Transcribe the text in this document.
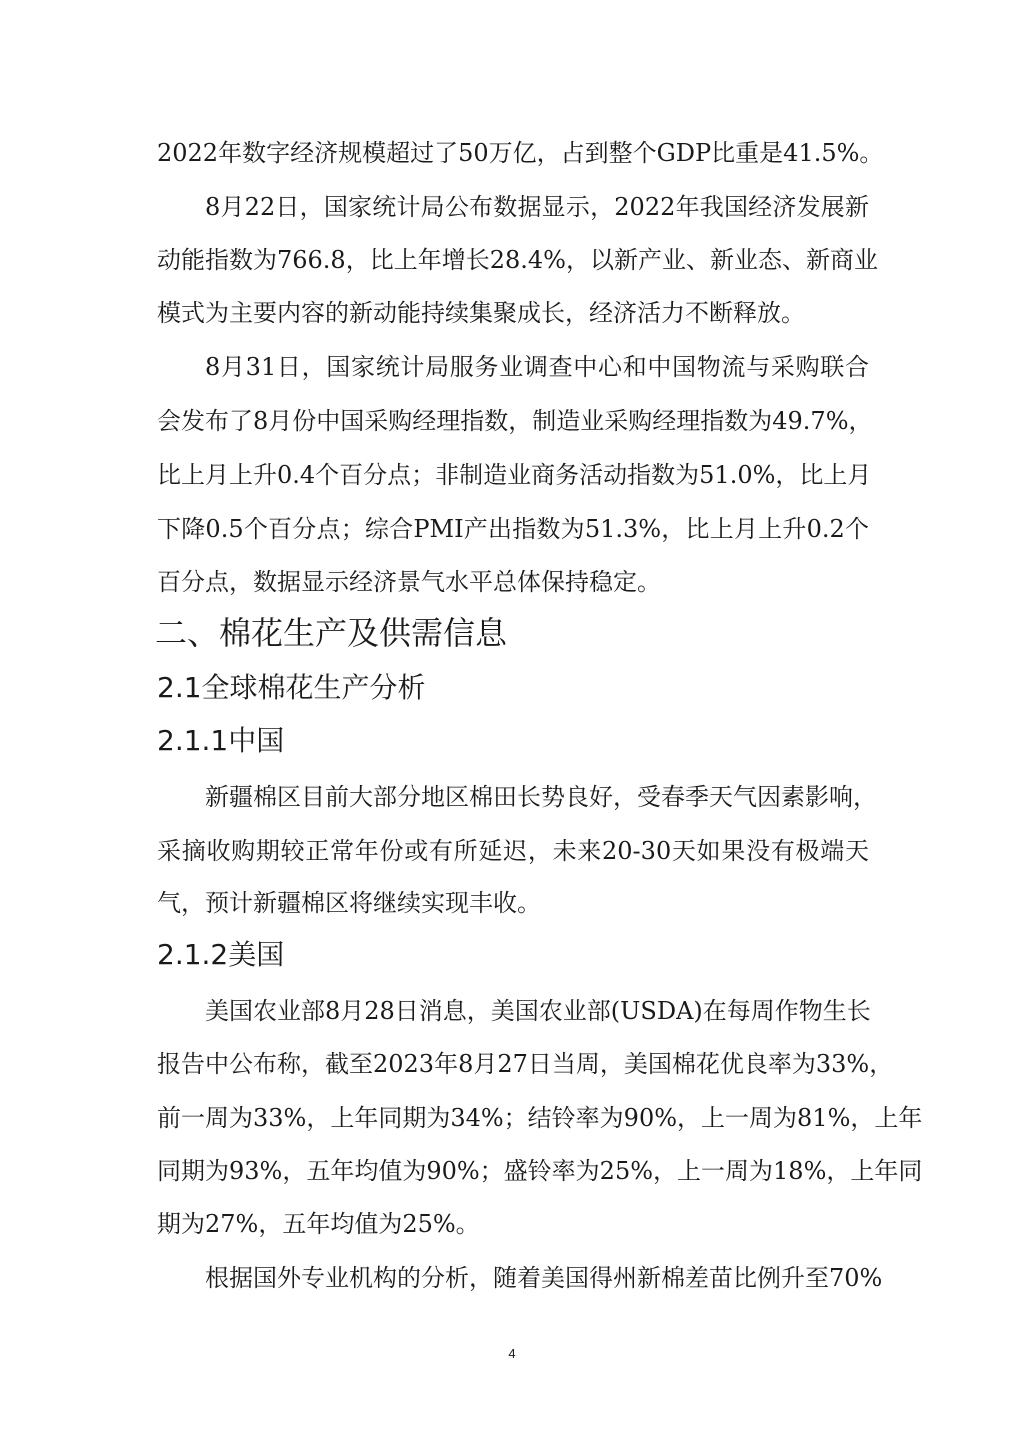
2022年数字经济规模超过了50万亿，占到整个GDP比重是41.5%。
8月22日，国家统计局公布数据显示，2022年我国经济发展新
动能指数为766.8，比上年增长28.4%，以新产业、新业态、新商业
模式为主要内容的新动能持续集聚成长，经济活力不断释放。
8月31日，国家统计局服务业调查中心和中国物流与采购联合
会发布了8月份中国采购经理指数，制造业采购经理指数为49.7%，
比上月上升0.4个百分点；非制造业商务活动指数为51.0%，比上月
下降0.5个百分点；综合PMI产出指数为51.3%，比上月上升0.2个
百分点，数据显示经济景气水平总体保持稳定。
二、棉花生产及供需信息
2.1全球棉花生产分析
2.1.1中国
新疆棉区目前大部分地区棉田长势良好，受春季天气因素影响，
采摘收购期较正常年份或有所延迟，未来20-30天如果没有极端天
气，预计新疆棉区将继续实现丰收。
2.1.2美国
美国农业部8月28日消息，美国农业部(USDA)在每周作物生长
报告中公布称，截至2023年8月27日当周，美国棉花优良率为33%，
前一周为33%，上年同期为34%；结铃率为90%，上一周为81%，上年
同期为93%，五年均值为90%；盛铃率为25%，上一周为18%，上年同
期为27%，五年均值为25%。
根据国外专业机构的分析，随着美国得州新棉差苗比例升至70%
4
